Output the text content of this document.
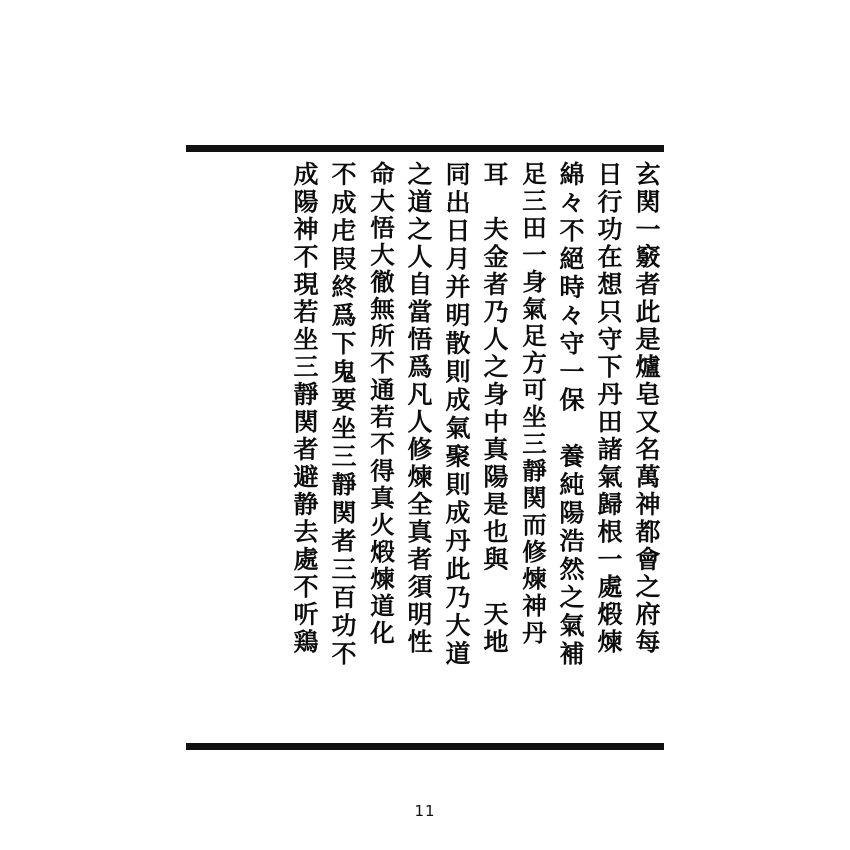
玄関一竅者此是爐皂又名萬神都會之府每
日行功在想只守下丹田諸氣歸根一處煅煉
綿々不絕時々守一保　養純陽浩然之氣補
足三田一身氣足方可坐三靜関而修煉神丹
耳　夫金者乃人之身中真陽是也與　天地
同出日月并明散則成氣聚則成丹此乃大道
之道之人自當悟爲凡人修煉全真者須明性
命大悟大徹無所不通若不得真火煅煉道化
不成虍叚終爲下鬼要坐三靜関者三百功不
成陽神不現若坐三靜関者避静去處不听鶏
11
